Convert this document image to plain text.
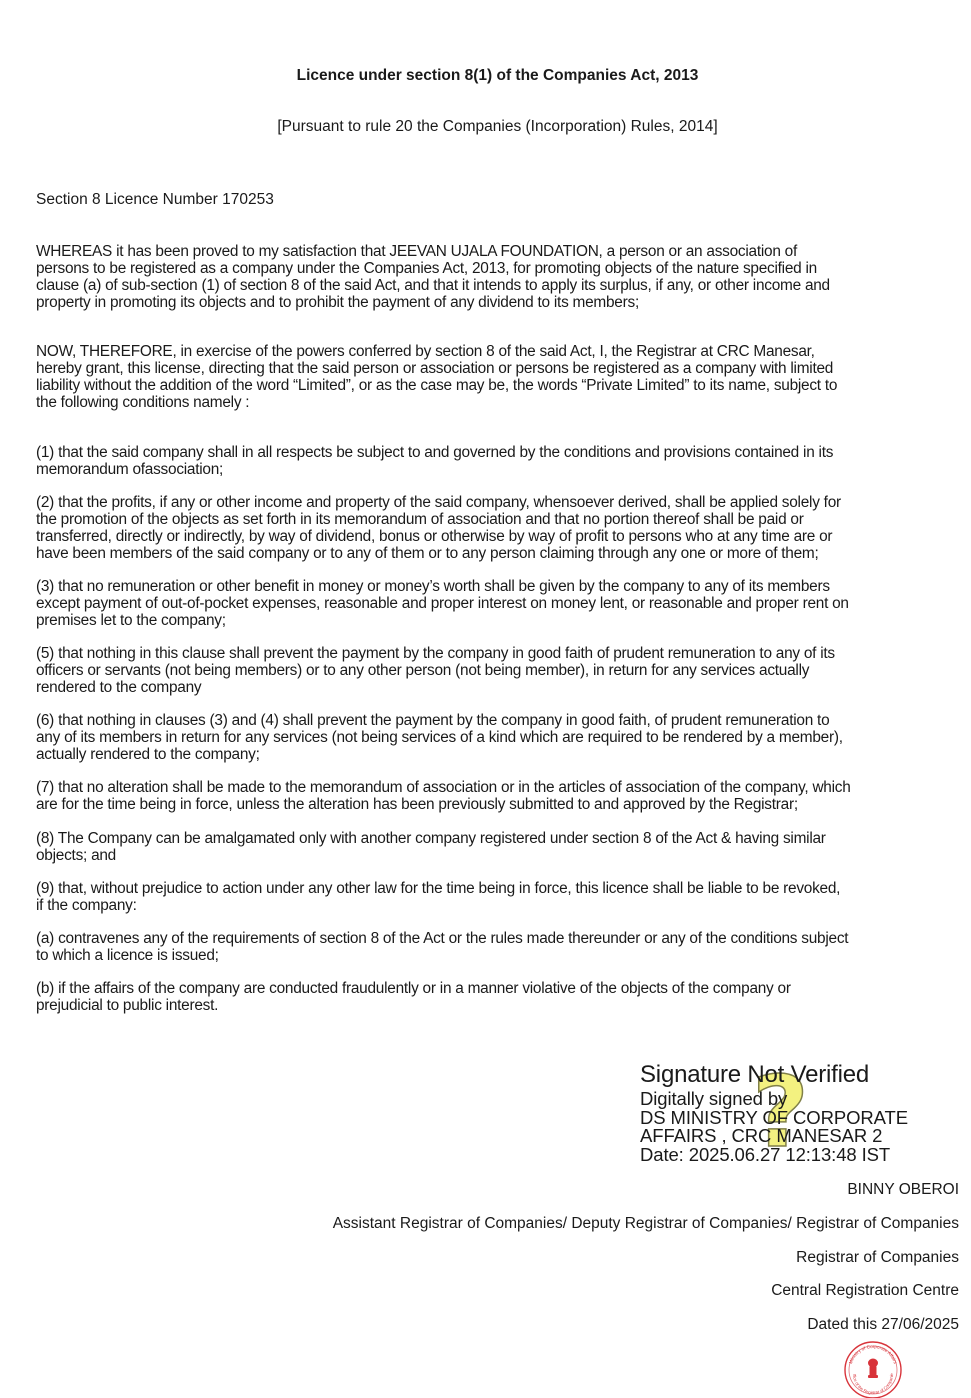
Licence under section 8(1) of the Companies Act, 2013
[Pursuant to rule 20 the Companies (Incorporation) Rules, 2014]
Section 8 Licence Number 170253

WHEREAS it has been proved to my satisfaction that JEEVAN UJALA FOUNDATION, a person or an association of
persons to be registered as a company under the Companies Act, 2013, for promoting objects of the nature specified in
clause (a) of sub-section (1) of section 8 of the said Act, and that it intends to apply its surplus, if any, or other income and
property in promoting its objects and to prohibit the payment of any dividend to its members;

NOW, THEREFORE, in exercise of the powers conferred by section 8 of the said Act, I, the Registrar at CRC Manesar,
hereby grant, this license, directing that the said person or association or persons be registered as a company with limited
liability without the addition of the word “Limited”, or as the case may be, the words “Private Limited” to its name, subject to
the following conditions namely :

(1) that the said company shall in all respects be subject to and governed by the conditions and provisions contained in its
memorandum ofassociation;

(2) that the profits, if any or other income and property of the said company, whensoever derived, shall be applied solely for
the promotion of the objects as set forth in its memorandum of association and that no portion thereof shall be paid or
transferred, directly or indirectly, by way of dividend, bonus or otherwise by way of profit to persons who at any time are or
have been members of the said company or to any of them or to any person claiming through any one or more of them;

(3) that no remuneration or other benefit in money or money’s worth shall be given by the company to any of its members
except payment of out-of-pocket expenses, reasonable and proper interest on money lent, or reasonable and proper rent on
premises let to the company;

(5) that nothing in this clause shall prevent the payment by the company in good faith of prudent remuneration to any of its
officers or servants (not being members) or to any other person (not being member), in return for any services actually
rendered to the company

(6) that nothing in clauses (3) and (4) shall prevent the payment by the company in good faith, of prudent remuneration to
any of its members in return for any services (not being services of a kind which are required to be rendered by a member),
actually rendered to the company;

(7) that no alteration shall be made to the memorandum of association or in the articles of association of the company, which
are for the time being in force, unless the alteration has been previously submitted to and approved by the Registrar;

(8) The Company can be amalgamated only with another company registered under section 8 of the Act & having similar
objects; and

(9) that, without prejudice to action under any other law for the time being in force, this licence shall be liable to be revoked,
if the company:

(a) contravenes any of the requirements of section 8 of the Act or the rules made thereunder or any of the conditions subject
to which a licence is issued;

(b) if the affairs of the company are conducted fraudulently or in a manner violative of the objects of the company or
prejudicial to public interest.

?
Signature Not Verified
Digitally signed by
DS MINISTRY OF CORPORATE
AFFAIRS , CRC MANESAR 2
Date: 2025.06.27 12:13:48 IST
BINNY OBEROI
Assistant Registrar of Companies/ Deputy Registrar of Companies/ Registrar of Companies
Registrar of Companies
Central Registration Centre
Dated this 27/06/2025
Ministry of Corporate Affairs
ffice of the Registrar of Companie
